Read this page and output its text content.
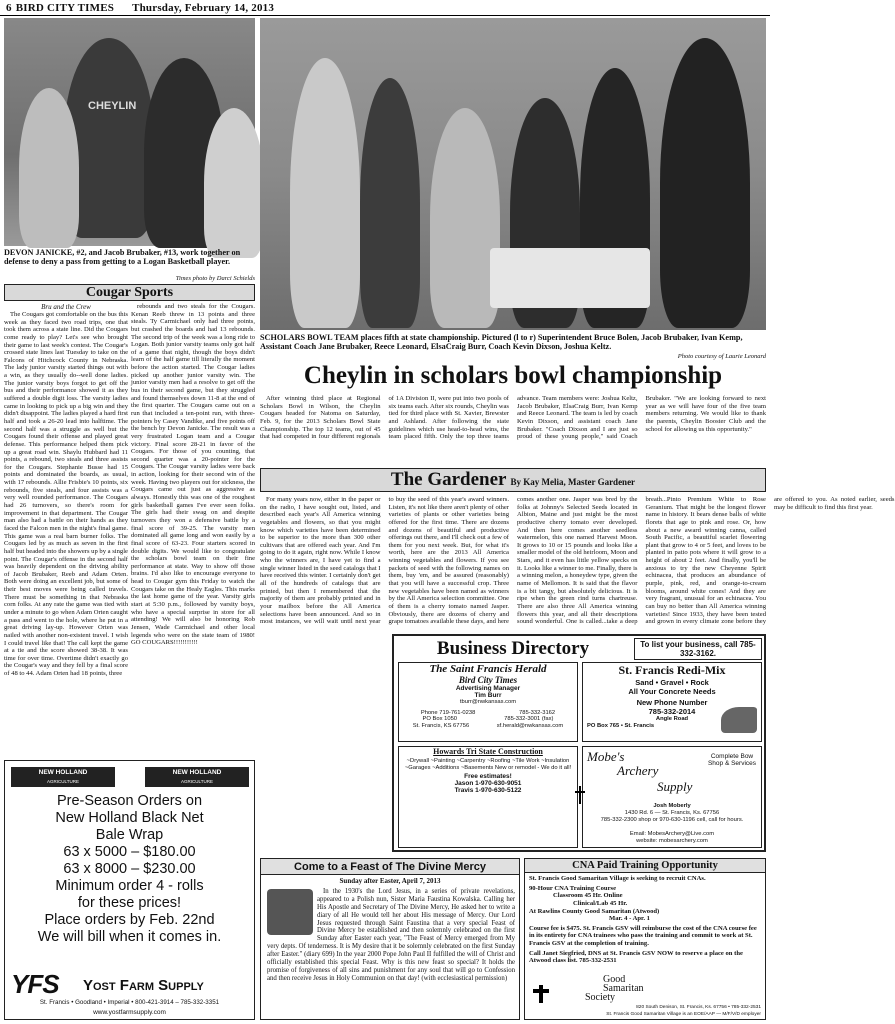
6 BIRD CITY TIMES Thursday, February 14, 2013
CHEYLIN
DEVON JANICKE, #2, and Jacob Brubaker, #13, work together on defense to deny a pass from getting to a Logan Basketball player.
Times photo by Darci Schields
Cougar Sports
Bru and the Crew

The Cougars got comfortable on the bus this week as they faced two road trips, one that took them across a state line. Did the Cougars come ready to play? Let's see who brought their game to last week's contest. The Cougar's crossed state lines last Tuesday to take on the Falcons of Hitchcock County in Nebraska. The lady junior varsity started things out with a win, as they usually do--well done ladies. The junior varsity boys forgot to get off the bus and their performance showed it as they suffered a double digit loss. The varsity ladies came in looking to pick up a big win and they didn't disappoint. The ladies played a hard first half and took a 26-20 lead into halftime. The second half was a struggle as well but the Cougars found their offense and played great defense. This performance helped them pick up a great road win. Shaylu Hubbard had 11 points, a rebound, two steals and three assists for the Cougars. Stephanie Busse had 15 points and dominated the boards, as usual, with 17 rebounds. Allie Frisbie's 10 points, six rebounds, five steals, and four assists was a very well rounded performance. The Cougars had 26 turnovers, so there's room for improvement in that department. The Cougar man also had a battle on their hands as they faced the Falcon men in the night's final game. This game was a real barn burner folks. The Cougars led by as much as seven in the first half but headed into the showers up by a single point. The Cougar's offense in the second half was heavily dependent on the driving ability of Jacob Brubaker, Reeb and Adam Orten. Both were doing an excellent job, but some of their best moves were being called travels. There must be something in that Nebraska corn folks. At any rate the game was tied with under a minute to go when Adam Orten caught a pass and went to the hole, where he put in a great driving lay-up. However Orten was nailed with another non-existent travel. I wish I could travel like that! The call kept the game at a tie and the score showed 38-38. It was time for over time. Overtime didn't exactly go the Cougar's way and they fell by a final score of 48 to 44. Adam Orten had 18 points, three

rebounds and two steals for the Cougars. Kenan Reeb threw in 13 points and three steals. Ty Carmichael only had three points, but crashed the boards and had 13 rebounds. The second trip of the week was a long ride to Logan. Both junior varsity teams only got half of a game that night, though the boys didn't learn of the half game till literally the moment before the action started. The Cougar ladies picked up another junior varsity win. The junior varsity men had a resolve to get off the bus in their second game, but they struggled and found themselves down 11-8 at the end of the first quarter. The Cougars came out on a run that included a ten-point run, with three-pointers by Casey Vandike, and five points off the bench by Devon Janicke. The result was a very frustrated Logan team and a Cougar victory. Final score 28-21 in favor of the Cougars. For those of you counting, that second quarter was a 20-pointer for the Cougars. The Cougar varsity ladies were back in action, looking for their second win of the week. Having two players out for sickness, the Cougars came out just as aggressive as always. Honestly this was one of the roughest girls basketball games I've ever seen folks. The girls had their swag on and despite turnovers they won a defensive battle by a final score of 39-25. The varsity men dominated all game long and won easily by a final score of 63-23. Four starters scored in double digits. We would like to congratulate the scholars bowl team on their fine performance at state. Way to show off those brains. I'd also like to encourage everyone to head to Cougar gym this Friday to watch the Cougars take on the Healy Eagles. This marks the last home game of the year. Varsity girls start at 5:30 p.m., followed by varsity boys, who have a special surprise in store for all attending! We will also be honoring Rob Jensen, Wade Carmichael and other local legends who were on the state team of 1980! GO COUGARS!!!!!!!!!!!

SCHOLARS BOWL TEAM places fifth at state championship. Pictured (l to r) Superintendent Bruce Bolen, Jacob Brubaker, Ivan Kemp, Assistant Coach Jane Brubaker, Reece Leonard, ElsaCraig Burr, Coach Kevin Dixson, Joshua Keltz.
Photo courtesy of Laurie Leonard
Cheylin in scholars bowl championship

After winning third place at Regional Scholars Bowl in Wilson, the Cheylin Cougars headed for Natoma on Saturday, Feb. 9, for the 2013 Scholars Bowl State Championship. The top 12 teams, out of 45 that had competed in four different regionals of 1A Division II, were put into two pools of six teams each. After six rounds, Cheylin was tied for third place with St. Xavier, Brewster and Ashland. After following the state guidelines which use head-to-head wins, the team placed fifth. Only the top three teams advance. Team members were: Joshua Keltz, Jacob Brubaker, ElsaCraig Burr, Ivan Kemp and Reece Leonard. The team is led by coach Kevin Dixson, and assistant coach Jane Brubaker. "Coach Dixson and I are just so proud of these young people," said Coach Brubaker. "We are looking forward to next year as we will have four of the five team members returning. We would like to thank the parents, Cheylin Booster Club and the school for allowing us this opportunity."

The Gardener By Kay Melia, Master Gardener

For many years now, either in the paper or on the radio, I have sought out, listed, and described each year's All America winning vegetables and flowers, so that you might know which varieties have been determined to be superior to the more than 300 other cultivars that are offered each year. And I'm going to do it again, right now. While I know who the winners are, I have yet to find a single winner listed in the seed catalogs that I have received this winter. I certainly don't get all of the hundreds of catalogs that are printed, but then I remembered that the majority of them are probably printed and in your mailbox before the All America selections have been announced. And so in most instances, we will wait until next year to buy the seed of this year's award winners. Listen, it's not like there aren't plenty of other varieties of plants or other varieties being offered for the first time. There are dozens and dozens of beautiful and productive offerings out there, and I'll check out a few of them for you next week. But, for what it's worth, here are the 2013 All America winning vegetables and flowers. If you see packets of seed with the following names on them, buy 'em, and be assured (reasonably) that you will have a successful crop. Three new vegetables have been named as winners by the All America selection committee. One of them is a cherry tomato named Jasper. Obviously, there are dozens of cherry and grape tomatoes available these days, and here comes another one. Jasper was bred by the folks at Johnny's Selected Seeds located in Albion, Maine and just might be the most productive cherry tomato ever developed. And then here comes another seedless watermelon, this one named Harvest Moon. It grows to 10 or 15 pounds and looks like a smaller model of the old heirloom, Moon and Stars, and it even has little yellow specks on it. Looks like a winner to me. Finally, there is a winning melon, a honeydew type, given the name of Mellomon. It is said that the flavor is a bit tangy, but absolutely delicious. It is ripe when the green rind turns chartreuse. There are also three All America winning flowers this year, and all their descriptions sound wonderful. One is called...take a deep breath...Pinto Premium White to Rose Geranium. That might be the longest flower name in history. It bears dense balls of white florets that age to pink and rose. Or, how about a new award winning canna, called South Pacific, a beautiful scarlet flowering plant that grow to 4 or 5 feet, and loves to be planted in patio pots where it will grow to a height of about 2 feet. And finally, you'll be anxious to try the new Cheyenne Spirit echinacea, that produces an abundance of purple, pink, red, and orange-to-cream blooms, around white cones! And they are very fragrant, unusual for an echinacea. You can buy no better than All America winning varieties! Since 1933, they have been tested and grown in every climate zone before they are offered to you. As noted earlier, seeds may be difficult to find this first year.

Business Directory	To list your business, call 785-332-3162.
The Saint Francis Herald
Bird City Times
Advertising Manager
Tim Burr
tburr@nwkansas.com
Phone 719-761-0238	785-332-3162
PO Box 1050	785-332-3001 (fax)
St. Francis, KS 67756	sf.herald@nwkansas.com
St. Francis Redi-Mix
Sand • Gravel • Rock
All Your Concrete Needs
New Phone Number
785-332-2014
Angle Road
PO Box 765 • St. Francis
Howards Tri State Construction
~Drywall ~Painting ~Carpentry ~Roofing ~Tile Work ~Insulation ~Garages ~Additions ~Basements New or remodel - We do it all!
Free estimates!
Jason 1-970-630-9051
Travis 1-970-630-5122
Mobe's
Archery
Supply
Complete Bow Shop & Services
Josh Moberly
1430 Rd. 6 — St. Francis, Ks. 67756
785-332-2300 shop or 970-630-1196 cell, call for hours.
Email: MobesArchery@Live.com
website: mobesarchery.com
NEW HOLLAND
AGRICULTURE
NEW HOLLAND
AGRICULTURE
Pre-Season Orders on
New Holland Black Net
Bale Wrap
63 x 5000 – $180.00
63 x 8000 – $230.00
Minimum order 4 - rolls
for these prices!
Place orders by Feb. 22nd
We will bill when it comes in.
YFS Yost Farm Supply
St. Francis • Goodland • Imperial • 800-421-3914 – 785-332-3351
www.yostfarmsupply.com
Come to a Feast of The Divine Mercy
Sunday after Easter, April 7, 2013

In the 1930's the Lord Jesus, in a series of private revelations, appeared to a Polish nun, Sister Maria Faustina Kowalska. Calling her His Apostle and Secretary of The Divine Mercy, He asked her to write a diary of all He would tell her about His message of Mercy. Our Lord Jesus requested through Saint Faustina that a very special Feast of Divine Mercy be established and then solemnly celebrated on the first Sunday after Easter each year, "The Feast of Mercy emerged from My very depts. Of tenderness. It is My desire that it be solemnly celebrated on the first Sunday after Easter." (diary 699) In the year 2000 Pope John Paul II fulfilled the will of Christ and officially established this special Feast. Why is this new feast so special? It holds the promise of forgiveness of all sins and punishment for any soul that will go to Confession and then receive Jesus in Holy Communion on that day! (with ecclesiastical permission)

CNA Paid Training Opportunity
St. Francis Good Samaritan Village is seeking to recruit CNAs.
90-Hour CNA Training Course
Classroom 45 Hr. Online
Clinical/Lab 45 Hr.
At Rawlins County Good Samaritan (Atwood)
Mar. 4 - Apr. 1
Course fee is $475. St. Francis GSV will reimburse the cost of the CNA course fee in its entirety for CNA trainees who pass the training and commit to work at St. Francis GSV at the completion of training.
Call Janet Siegfried, DNS at St. Francis GSV NOW to reserve a place on the Atwood class list. 785-332-2531
Good
Samaritan
Society
820 South Denison, St. Francis, Ks. 67756 • 785-332-2531
St. Francis Good Samaritan Village is an EOE/AAP — M/F/V/D employer
